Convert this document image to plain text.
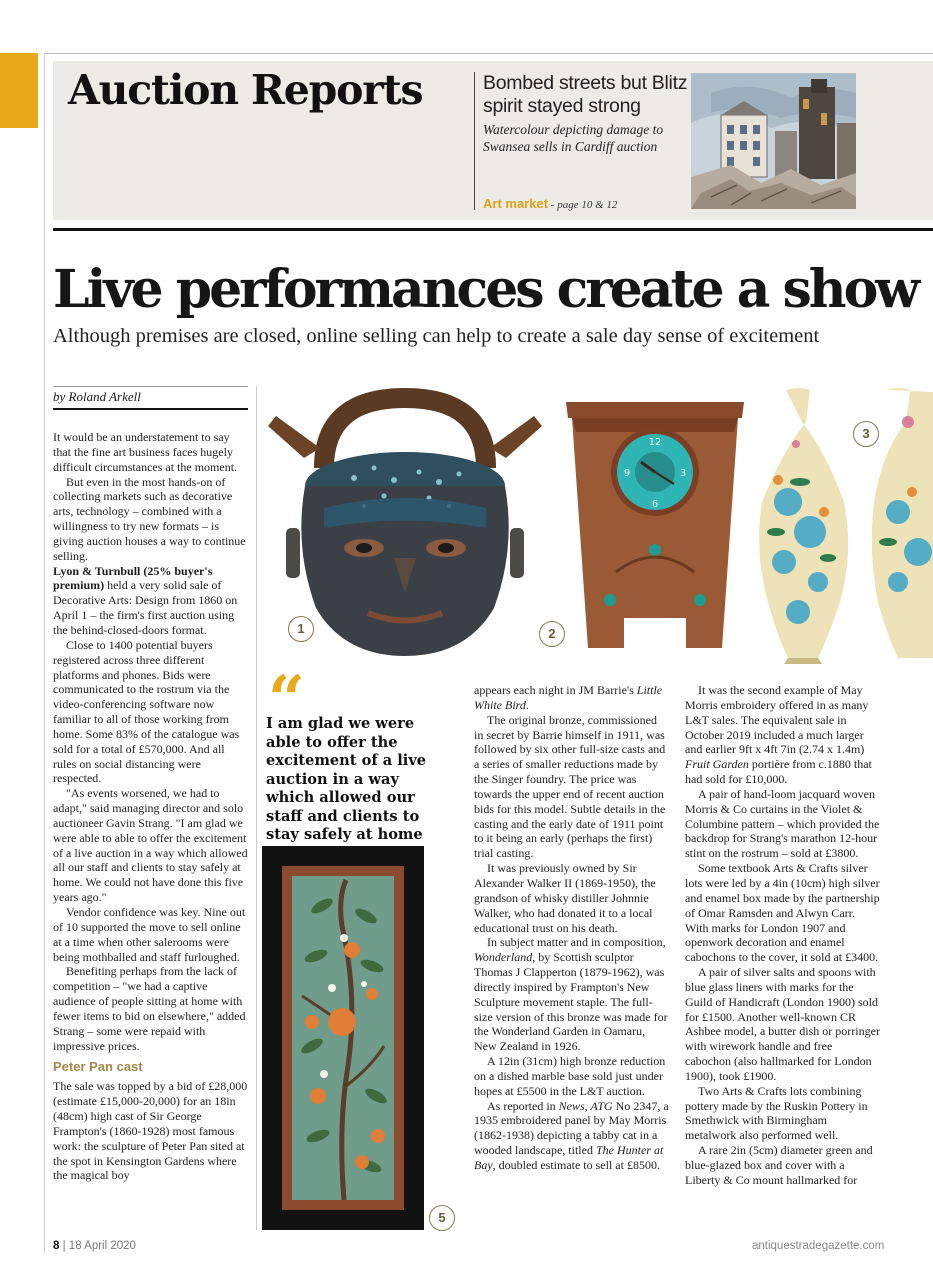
Auction Reports	Bombed streets but Blitz spirit stayed strong
Watercolour depicting damage to Swansea sells in Cardiff auction
Art market - page 10 & 12
Live performances create a show
Although premises are closed, online selling can help to create a sale day sense of excitement
by Roland Arkell

It would be an understatement to say that the fine art business faces hugely difficult circumstances at the moment.

But even in the most hands-on of collecting markets such as decorative arts, technology – combined with a willingness to try new formats – is giving auction houses a way to continue selling.

Lyon & Turnbull (25% buyer's premium) held a very solid sale of Decorative Arts: Design from 1860 on April 1 – the firm's first auction using the behind-closed-doors format.

Close to 1400 potential buyers registered across three different platforms and phones. Bids were communicated to the rostrum via the video-conferencing software now familiar to all of those working from home. Some 83% of the catalogue was sold for a total of £570,000. And all rules on social distancing were respected.

"As events worsened, we had to adapt," said managing director and solo auctioneer Gavin Strang. "I am glad we were able to able to offer the excitement of a live auction in a way which allowed all our staff and clients to stay safely at home. We could not have done this five years ago."

Vendor confidence was key. Nine out of 10 supported the move to sell online at a time when other salerooms were being mothballed and staff furloughed.

Benefiting perhaps from the lack of competition – "we had a captive audience of people sitting at home with fewer items to bid on elsewhere," added Strang – some were repaid with impressive prices.

Peter Pan cast

The sale was topped by a bid of £28,000 (estimate £15,000-20,000) for an 18in (48cm) high cast of Sir George Frampton's (1860-1928) most famous work: the sculpture of Peter Pan sited at the spot in Kensington Gardens where the magical boy

“
I am glad we were able to offer the excitement of a live auction in a way which allowed our staff and clients to stay safely at home

appears each night in JM Barrie's Little White Bird.

The original bronze, commissioned in secret by Barrie himself in 1911, was followed by six other full-size casts and a series of smaller reductions made by the Singer foundry. The price was towards the upper end of recent auction bids for this model. Subtle details in the casting and the early date of 1911 point to it being an early (perhaps the first) trial casting.

It was previously owned by Sir Alexander Walker II (1869-1950), the grandson of whisky distiller Johnnie Walker, who had donated it to a local educational trust on his death.

In subject matter and in composition, Wonderland, by Scottish sculptor Thomas J Clapperton (1879-1962), was directly inspired by Frampton's New Sculpture movement staple. The full-size version of this bronze was made for the Wonderland Garden in Oamaru, New Zealand in 1926.

A 12in (31cm) high bronze reduction on a dished marble base sold just under hopes at £5500 in the L&T auction.

As reported in News, ATG No 2347, a 1935 embroidered panel by May Morris (1862-1938) depicting a tabby cat in a wooded landscape, titled The Hunter at Bay, doubled estimate to sell at £8500.

It was the second example of May Morris embroidery offered in as many L&T sales. The equivalent sale in October 2019 included a much larger and earlier 9ft x 4ft 7in (2.74 x 1.4m) Fruit Garden portière from c.1880 that had sold for £10,000.

A pair of hand-loom jacquard woven Morris & Co curtains in the Violet & Columbine pattern – which provided the backdrop for Strang's marathon 12-hour stint on the rostrum – sold at £3800.

Some textbook Arts & Crafts silver lots were led by a 4in (10cm) high silver and enamel box made by the partnership of Omar Ramsden and Alwyn Carr. With marks for London 1907 and openwork decoration and enamel cabochons to the cover, it sold at £3400.

A pair of silver salts and spoons with blue glass liners with marks for the Guild of Handicraft (London 1900) sold for £1500. Another well-known CR Ashbee model, a butter dish or porringer with wirework handle and free cabochon (also hallmarked for London 1900), took £1900.

Two Arts & Crafts lots combining pottery made by the Ruskin Pottery in Smethwick with Birmingham metalwork also performed well.

A rare 2in (5cm) diameter green and blue-glazed box and cover with a Liberty & Co mount hallmarked for

12
3
6
9
1	2
3
5
8 | 18 April 2020	antiquestradegazette.com
